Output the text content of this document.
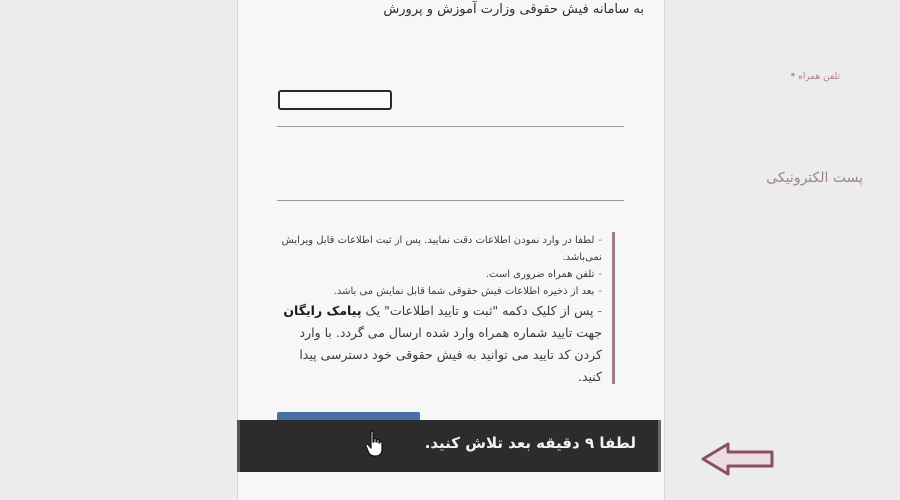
به سامانه فیش حقوقی وزارت آموزش و پرورش
تلفن همراه *
پست الکترونیکی

-لطفا در وارد نمودن اطلاعات دقت نمایید. پس از ثبت اطلاعات قابل ویرایش نمی‌باشد.

-تلفن همراه ضروری است.

-بعد از ذخیره اطلاعات فیش حقوقی شما قابل نمایش می باشد.

-پس از کلیک دکمه "ثبت و تایید اطلاعات" یک پیامک رایگان جهت تایید شماره همراه وارد شده ارسال می گردد. با وارد کردن کد تایید می توانید به فیش حقوقی خود دسترسی پیدا کنید.

لطفا ۹ دقیقه بعد تلاش کنید.
